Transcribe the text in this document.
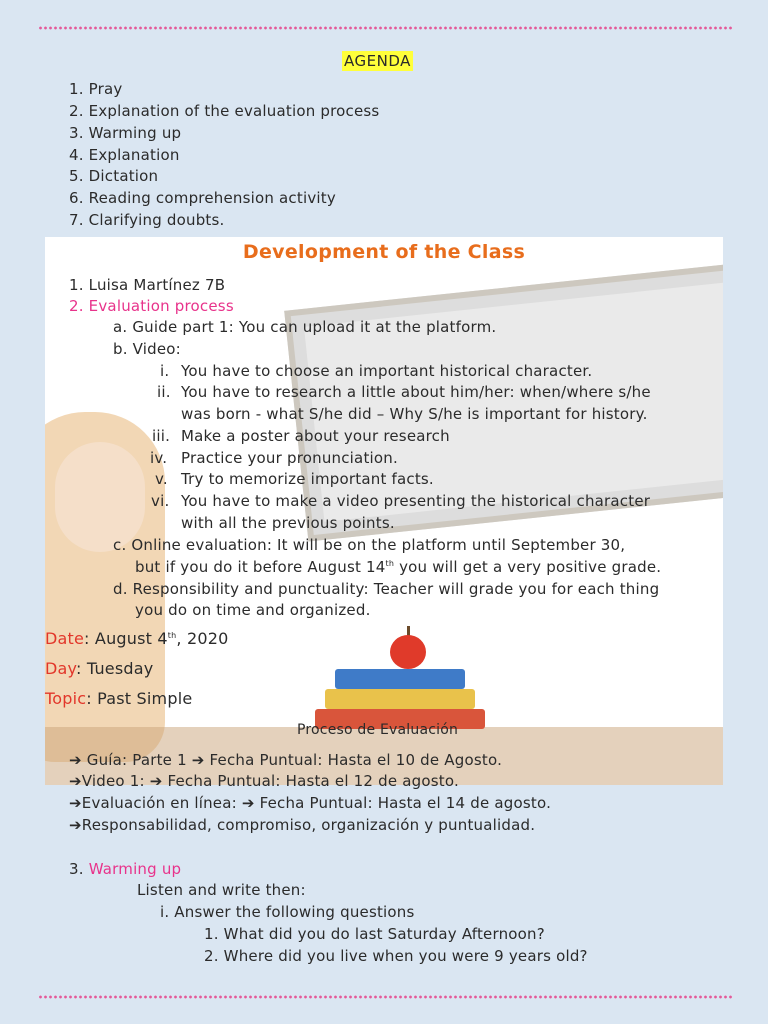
AGENDA
1. Pray
2. Explanation of the evaluation process
3. Warming up
4. Explanation
5. Dictation
6. Reading comprehension activity
7. Clarifying doubts.
Development of the Class
1. Luisa Martínez 7B
2. Evaluation process
a. Guide part 1: You can upload it at the platform.
b. Video:
i. You have to choose an important historical character.
ii. You have to research a little about him/her: when/where s/he
was born - what S/he did – Why S/he is important for history.
iii. Make a poster about your research
iv. Practice your pronunciation.
v. Try to memorize important facts.
vi. You have to make a video presenting the historical character
with all the previous points.
c. Online evaluation: It will be on the platform until September 30,
but if you do it before August 14th you will get a very positive grade.
d. Responsibility and punctuality: Teacher will grade you for each thing
you do on time and organized.
Date: August 4th, 2020
Day: Tuesday
Topic: Past Simple
Proceso de Evaluación
➔ Guía: Parte 1 ➔ Fecha Puntual: Hasta el 10 de Agosto.
➔Video 1: ➔ Fecha Puntual: Hasta el 12 de agosto.
➔Evaluación en línea: ➔ Fecha Puntual: Hasta el 14 de agosto.
➔Responsabilidad, compromiso, organización y puntualidad.
3. Warming up
Listen and write then:
i. Answer the following questions
1. What did you do last Saturday Afternoon?
2. Where did you live when you were 9 years old?
